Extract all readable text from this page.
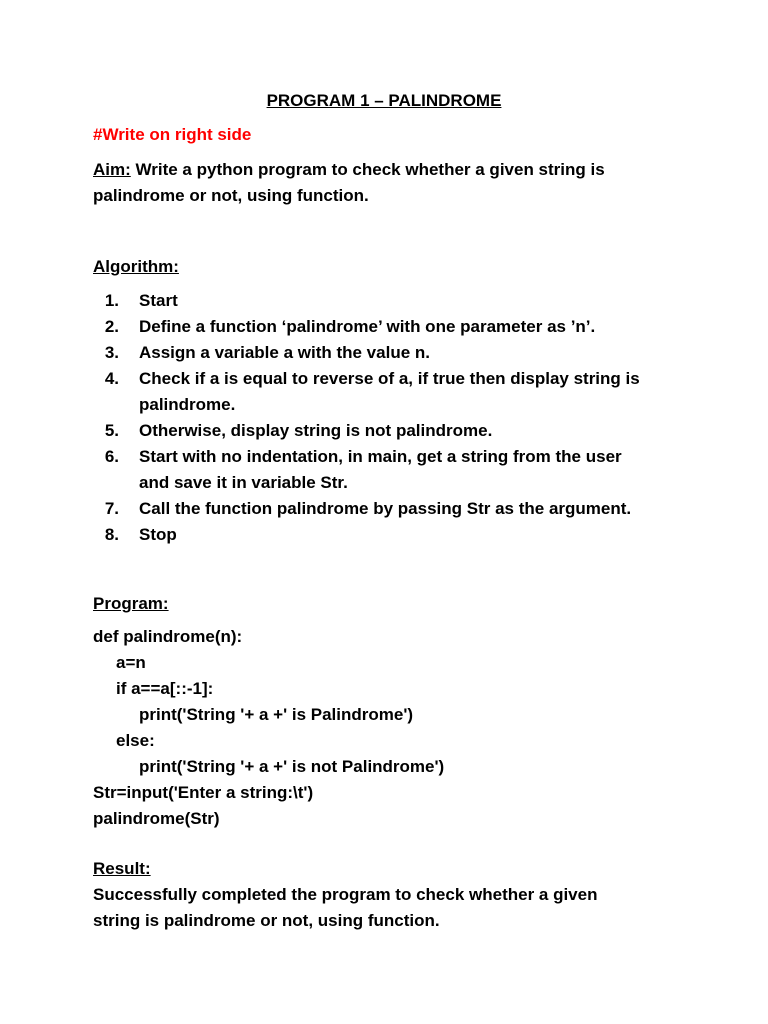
PROGRAM 1 – PALINDROME
#Write on right side
Aim: Write a python program to check whether a given string is
palindrome or not, using function.
Algorithm:
1. Start
2. Define a function ‘palindrome’ with one parameter as ’n’.
3. Assign a variable a with the value n.
4. Check if a is equal to reverse of a, if true then display string is
palindrome.
5. Otherwise, display string is not palindrome.
6. Start with no indentation, in main, get a string from the user
and save it in variable Str.
7. Call the function palindrome by passing Str as the argument.
8. Stop
Program:
def palindrome(n):
a=n
if a==a[::-1]:
print('String '+ a +' is Palindrome')
else:
print('String '+ a +' is not Palindrome')
Str=input('Enter a string:\t')
palindrome(Str)
Result:
Successfully completed the program to check whether a given
string is palindrome or not, using function.
